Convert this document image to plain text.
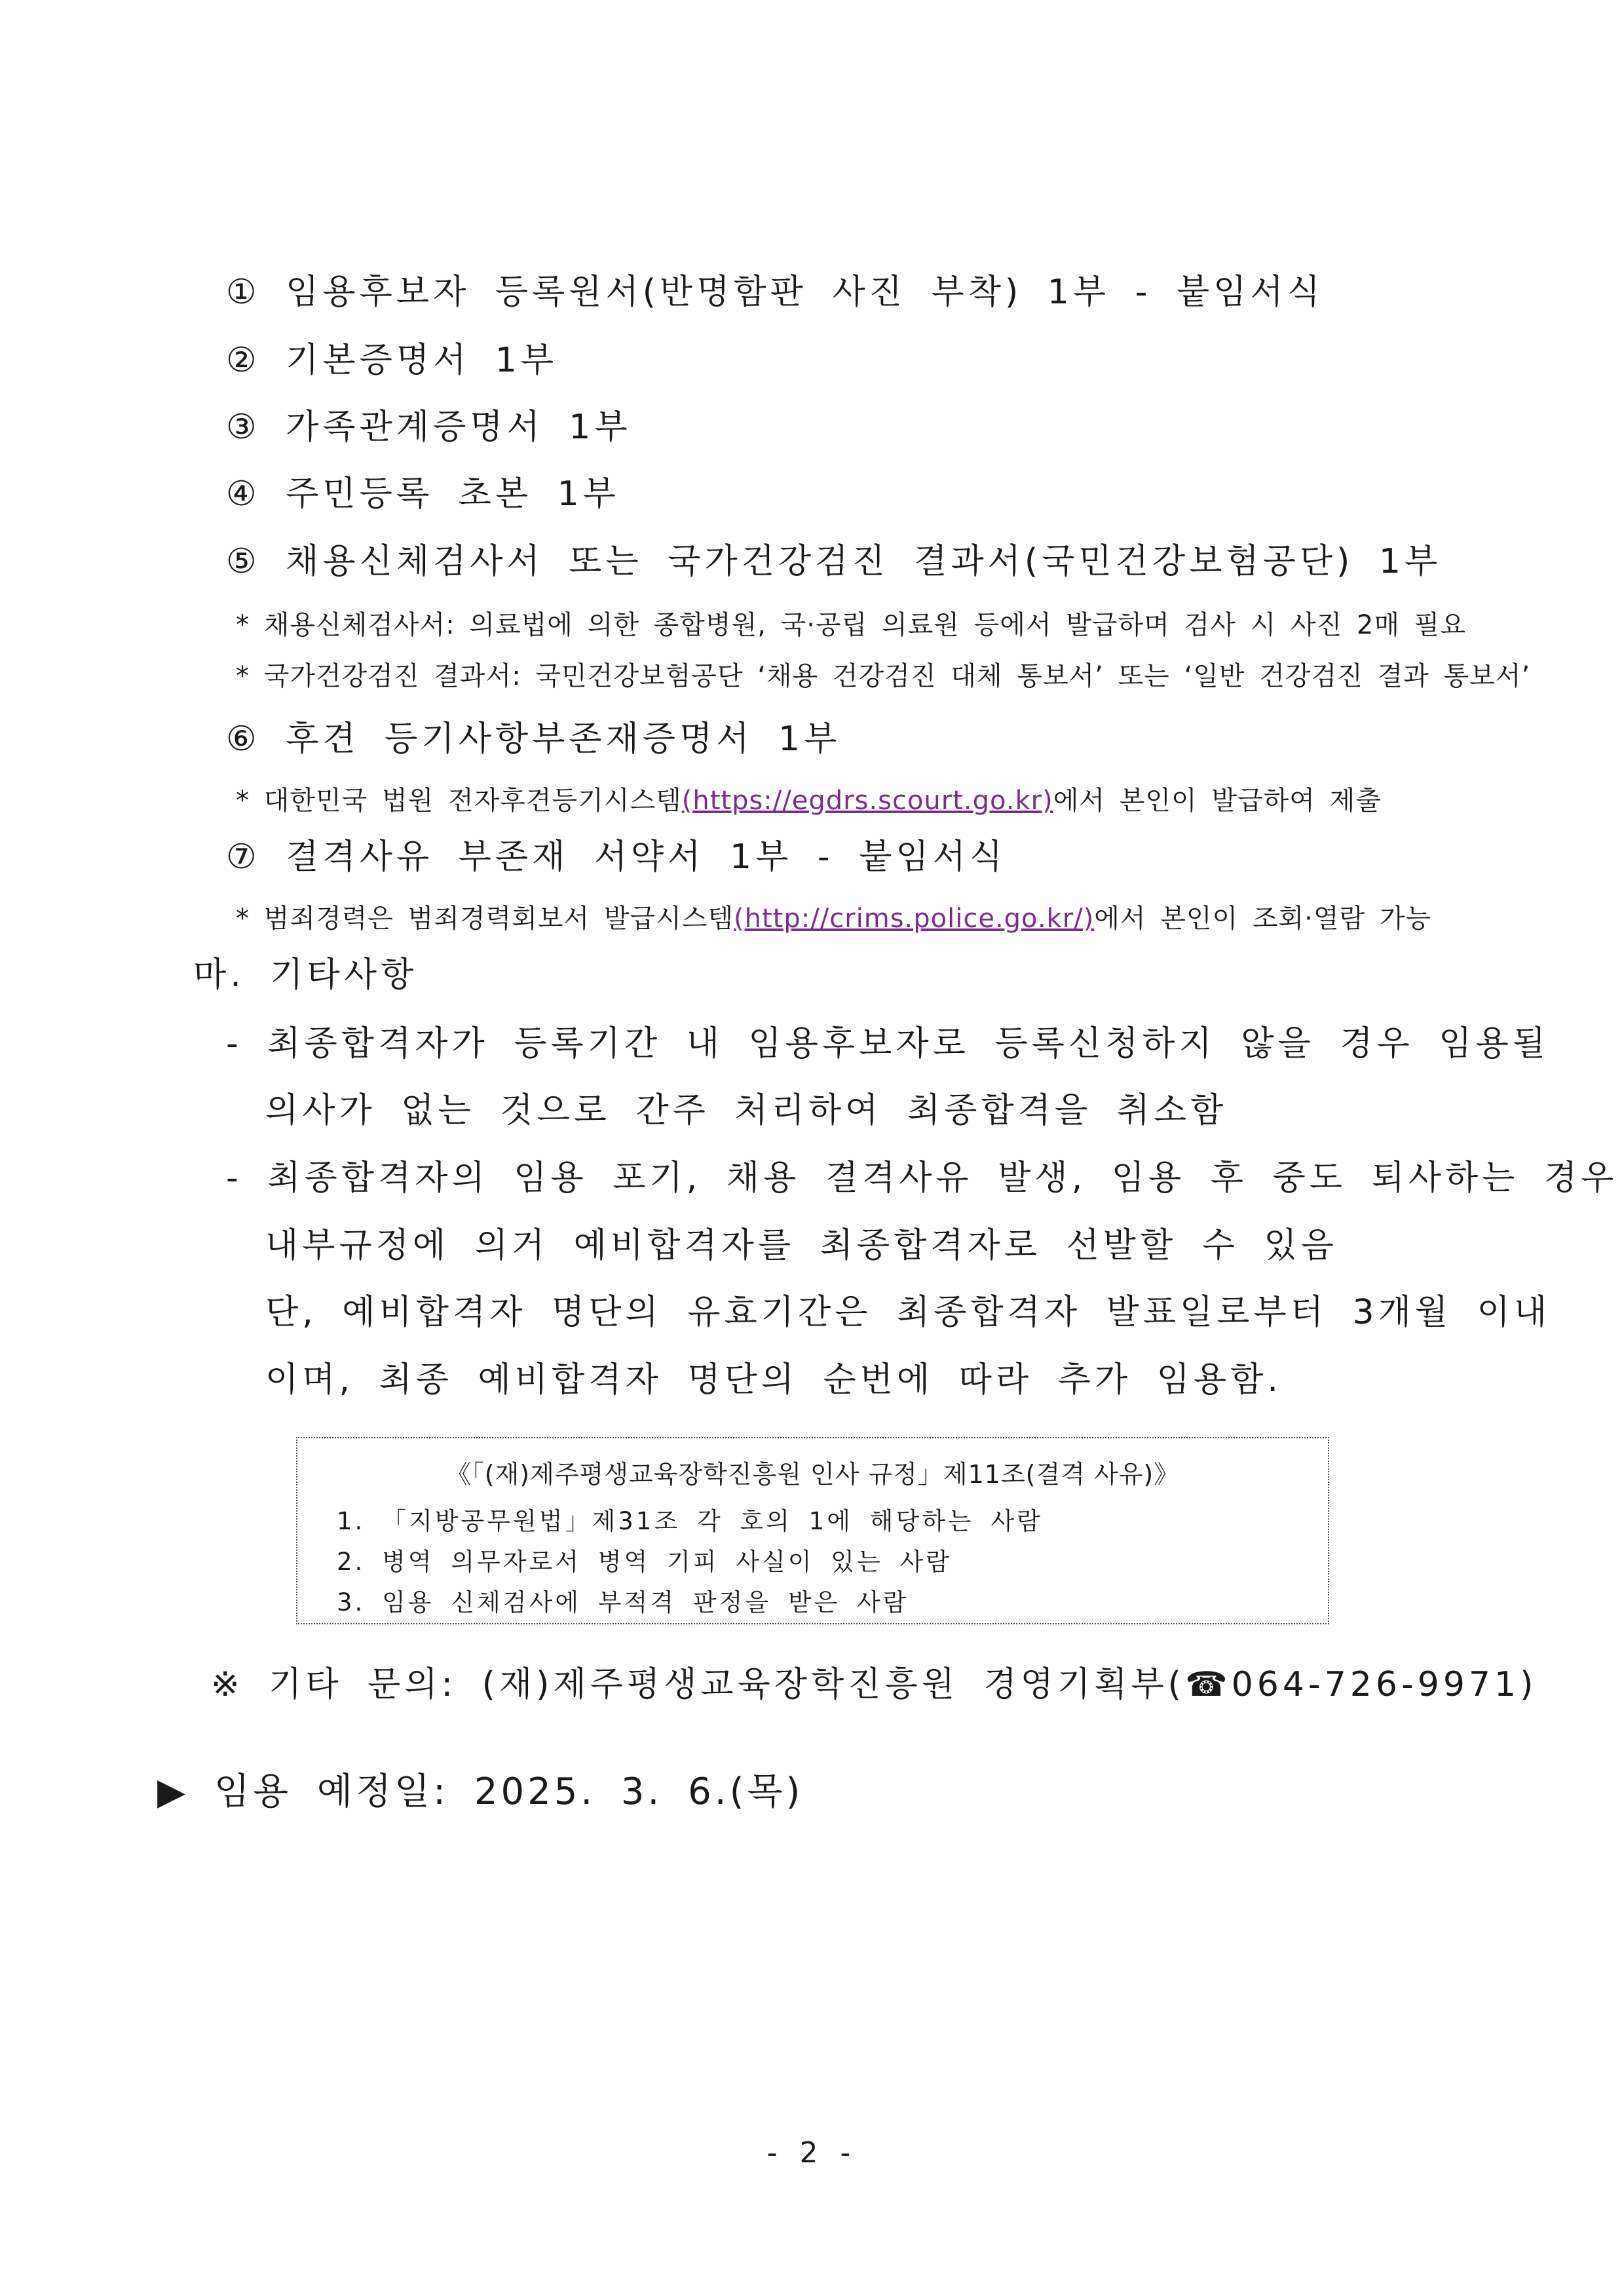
① 임용후보자 등록원서(반명함판 사진 부착) 1부 - 붙임서식
② 기본증명서 1부
③ 가족관계증명서 1부
④ 주민등록 초본 1부
⑤ 채용신체검사서 또는 국가건강검진 결과서(국민건강보험공단) 1부
* 채용신체검사서: 의료법에 의한 종합병원, 국·공립 의료원 등에서 발급하며 검사 시 사진 2매 필요
* 국가건강검진 결과서: 국민건강보험공단 ‘채용 건강검진 대체 통보서’ 또는 ‘일반 건강검진 결과 통보서’
⑥ 후견 등기사항부존재증명서 1부
* 대한민국 법원 전자후견등기시스템(https://egdrs.scourt.go.kr)에서 본인이 발급하여 제출
⑦ 결격사유 부존재 서약서 1부 - 붙임서식
* 범죄경력은 범죄경력회보서 발급시스템(http://crims.police.go.kr/)에서 본인이 조회·열람 가능
마. 기타사항
- 최종합격자가 등록기간 내 임용후보자로 등록신청하지 않을 경우 임용될
의사가 없는 것으로 간주 처리하여 최종합격을 취소함
- 최종합격자의 임용 포기, 채용 결격사유 발생, 임용 후 중도 퇴사하는 경우
내부규정에 의거 예비합격자를 최종합격자로 선발할 수 있음
단, 예비합격자 명단의 유효기간은 최종합격자 발표일로부터 3개월 이내
이며, 최종 예비합격자 명단의 순번에 따라 추가 임용함.
《「(재)제주평생교육장학진흥원 인사 규정」제11조(결격 사유)》
1. 「지방공무원법」제31조 각 호의 1에 해당하는 사람
2. 병역 의무자로서 병역 기피 사실이 있는 사람
3. 임용 신체검사에 부적격 판정을 받은 사람
※ 기타 문의: (재)제주평생교육장학진흥원 경영기획부(☎064-726-9971)
▶ 임용 예정일: 2025. 3. 6.(목)
- 2 -
